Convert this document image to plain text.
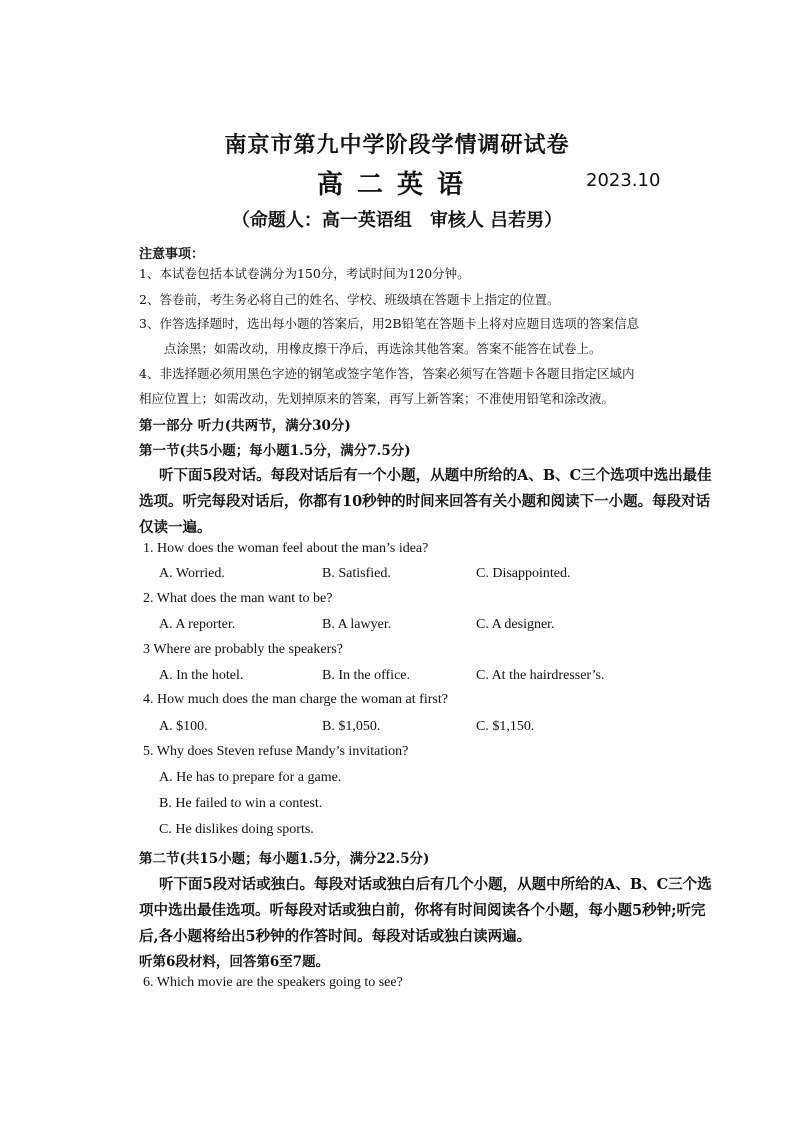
南京市第九中学阶段学情调研试卷
高二英语	2023.10
（命题人：高一英语组　审核人 吕若男）
注意事项：
1、本试卷包括本试卷满分为150分，考试时间为120分钟。
2、答卷前，考生务必将自己的姓名、学校、班级填在答题卡上指定的位置。
3、作答选择题时，选出每小题的答案后，用2B铅笔在答题卡上将对应题目选项的答案信息
点涂黑；如需改动，用橡皮擦干净后，再选涂其他答案。答案不能答在试卷上。
4、非选择题必须用黑色字迹的钢笔或签字笔作答，答案必须写在答题卡各题目指定区域内
相应位置上；如需改动，先划掉原来的答案，再写上新答案；不准使用铅笔和涂改液。
第一部分 听力(共两节，满分30分)
第一节(共5小题；每小题1.5分，满分7.5分)
听下面5段对话。每段对话后有一个小题，从题中所给的A、B、C三个选项中选出最佳
选项。听完每段对话后，你都有10秒钟的时间来回答有关小题和阅读下一小题。每段对话
仅读一遍。
1. How does the woman feel about the man’s idea?
A. Worried.	B. Satisfied.	C. Disappointed.
2. What does the man want to be?
A. A reporter.	B. A lawyer.	C. A designer.
3 Where are probably the speakers?
A. In the hotel.	B. In the office.	C. At the hairdresser’s.
4. How much does the man charge the woman at first?
A. $100.	B. $1,050.	C. $1,150.
5. Why does Steven refuse Mandy’s invitation?
A. He has to prepare for a game.
B. He failed to win a contest.
C. He dislikes doing sports.
第二节(共15小题；每小题1.5分，满分22.5分)
听下面5段对话或独白。每段对话或独白后有几个小题，从题中所给的A、B、C三个选
项中选出最佳选项。听每段对话或独白前，你将有时间阅读各个小题，每小题5秒钟;听完
后,各小题将给出5秒钟的作答时间。每段对话或独白读两遍。
听第6段材料，回答第6至7题。
6. Which movie are the speakers going to see?
